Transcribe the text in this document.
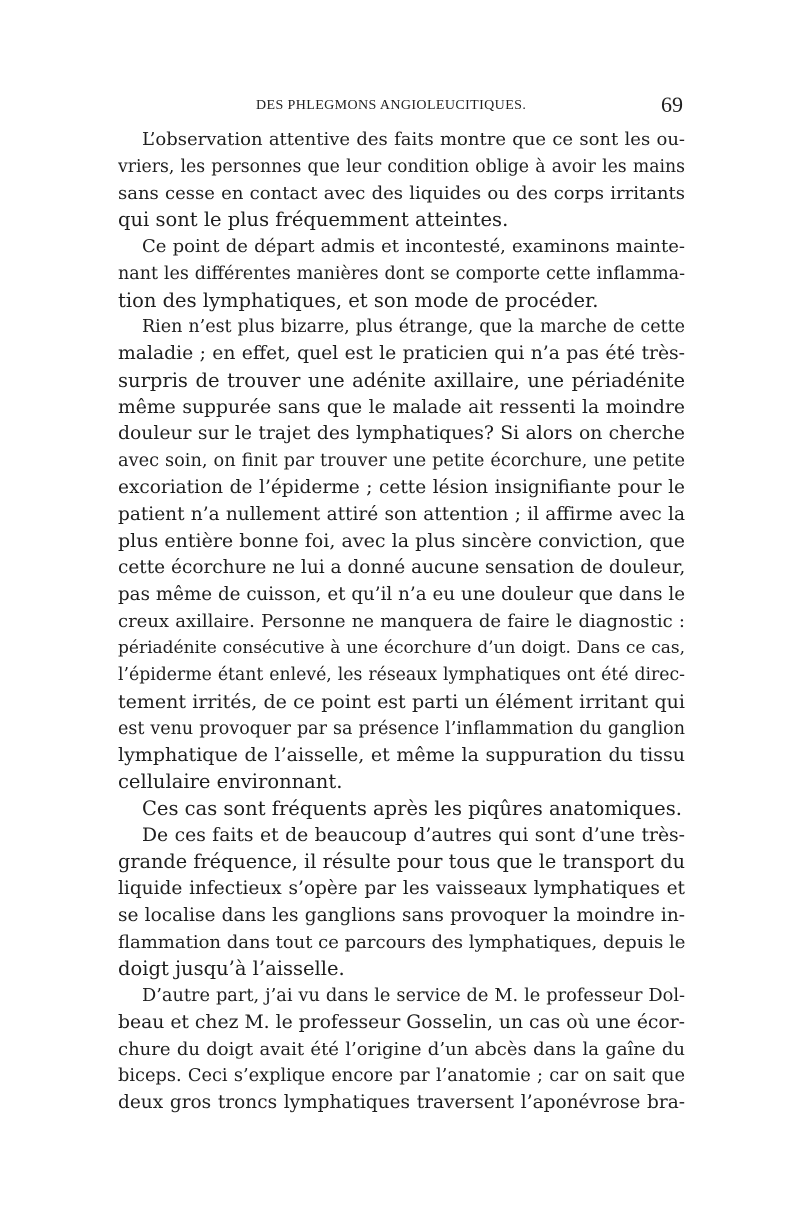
DES PHLEGMONS ANGIOLEUCITIQUES.	69
L’observation attentive des faits montre que ce sont les ou-
vriers, les personnes que leur condition oblige à avoir les mains
sans cesse en contact avec des liquides ou des corps irritants
qui sont le plus fréquemment atteintes.
Ce point de départ admis et incontesté, examinons mainte-
nant les différentes manières dont se comporte cette inflamma-
tion des lymphatiques, et son mode de procéder.
Rien n’est plus bizarre, plus étrange, que la marche de cette
maladie ; en effet, quel est le praticien qui n’a pas été très-
surpris de trouver une adénite axillaire, une périadénite
même suppurée sans que le malade ait ressenti la moindre
douleur sur le trajet des lymphatiques? Si alors on cherche
avec soin, on finit par trouver une petite écorchure, une petite
excoriation de l’épiderme ; cette lésion insignifiante pour le
patient n’a nullement attiré son attention ; il affirme avec la
plus entière bonne foi, avec la plus sincère conviction, que
cette écorchure ne lui a donné aucune sensation de douleur,
pas même de cuisson, et qu’il n’a eu une douleur que dans le
creux axillaire. Personne ne manquera de faire le diagnostic :
périadénite consécutive à une écorchure d’un doigt. Dans ce cas,
l’épiderme étant enlevé, les réseaux lymphatiques ont été direc-
tement irrités, de ce point est parti un élément irritant qui
est venu provoquer par sa présence l’inflammation du ganglion
lymphatique de l’aisselle, et même la suppuration du tissu
cellulaire environnant.
Ces cas sont fréquents après les piqûres anatomiques.
De ces faits et de beaucoup d’autres qui sont d’une très-
grande fréquence, il résulte pour tous que le transport du
liquide infectieux s’opère par les vaisseaux lymphatiques et
se localise dans les ganglions sans provoquer la moindre in-
flammation dans tout ce parcours des lymphatiques, depuis le
doigt jusqu’à l’aisselle.
D’autre part, j’ai vu dans le service de M. le professeur Dol-
beau et chez M. le professeur Gosselin, un cas où une écor-
chure du doigt avait été l’origine d’un abcès dans la gaîne du
biceps. Ceci s’explique encore par l’anatomie ; car on sait que
deux gros troncs lymphatiques traversent l’aponévrose bra-
